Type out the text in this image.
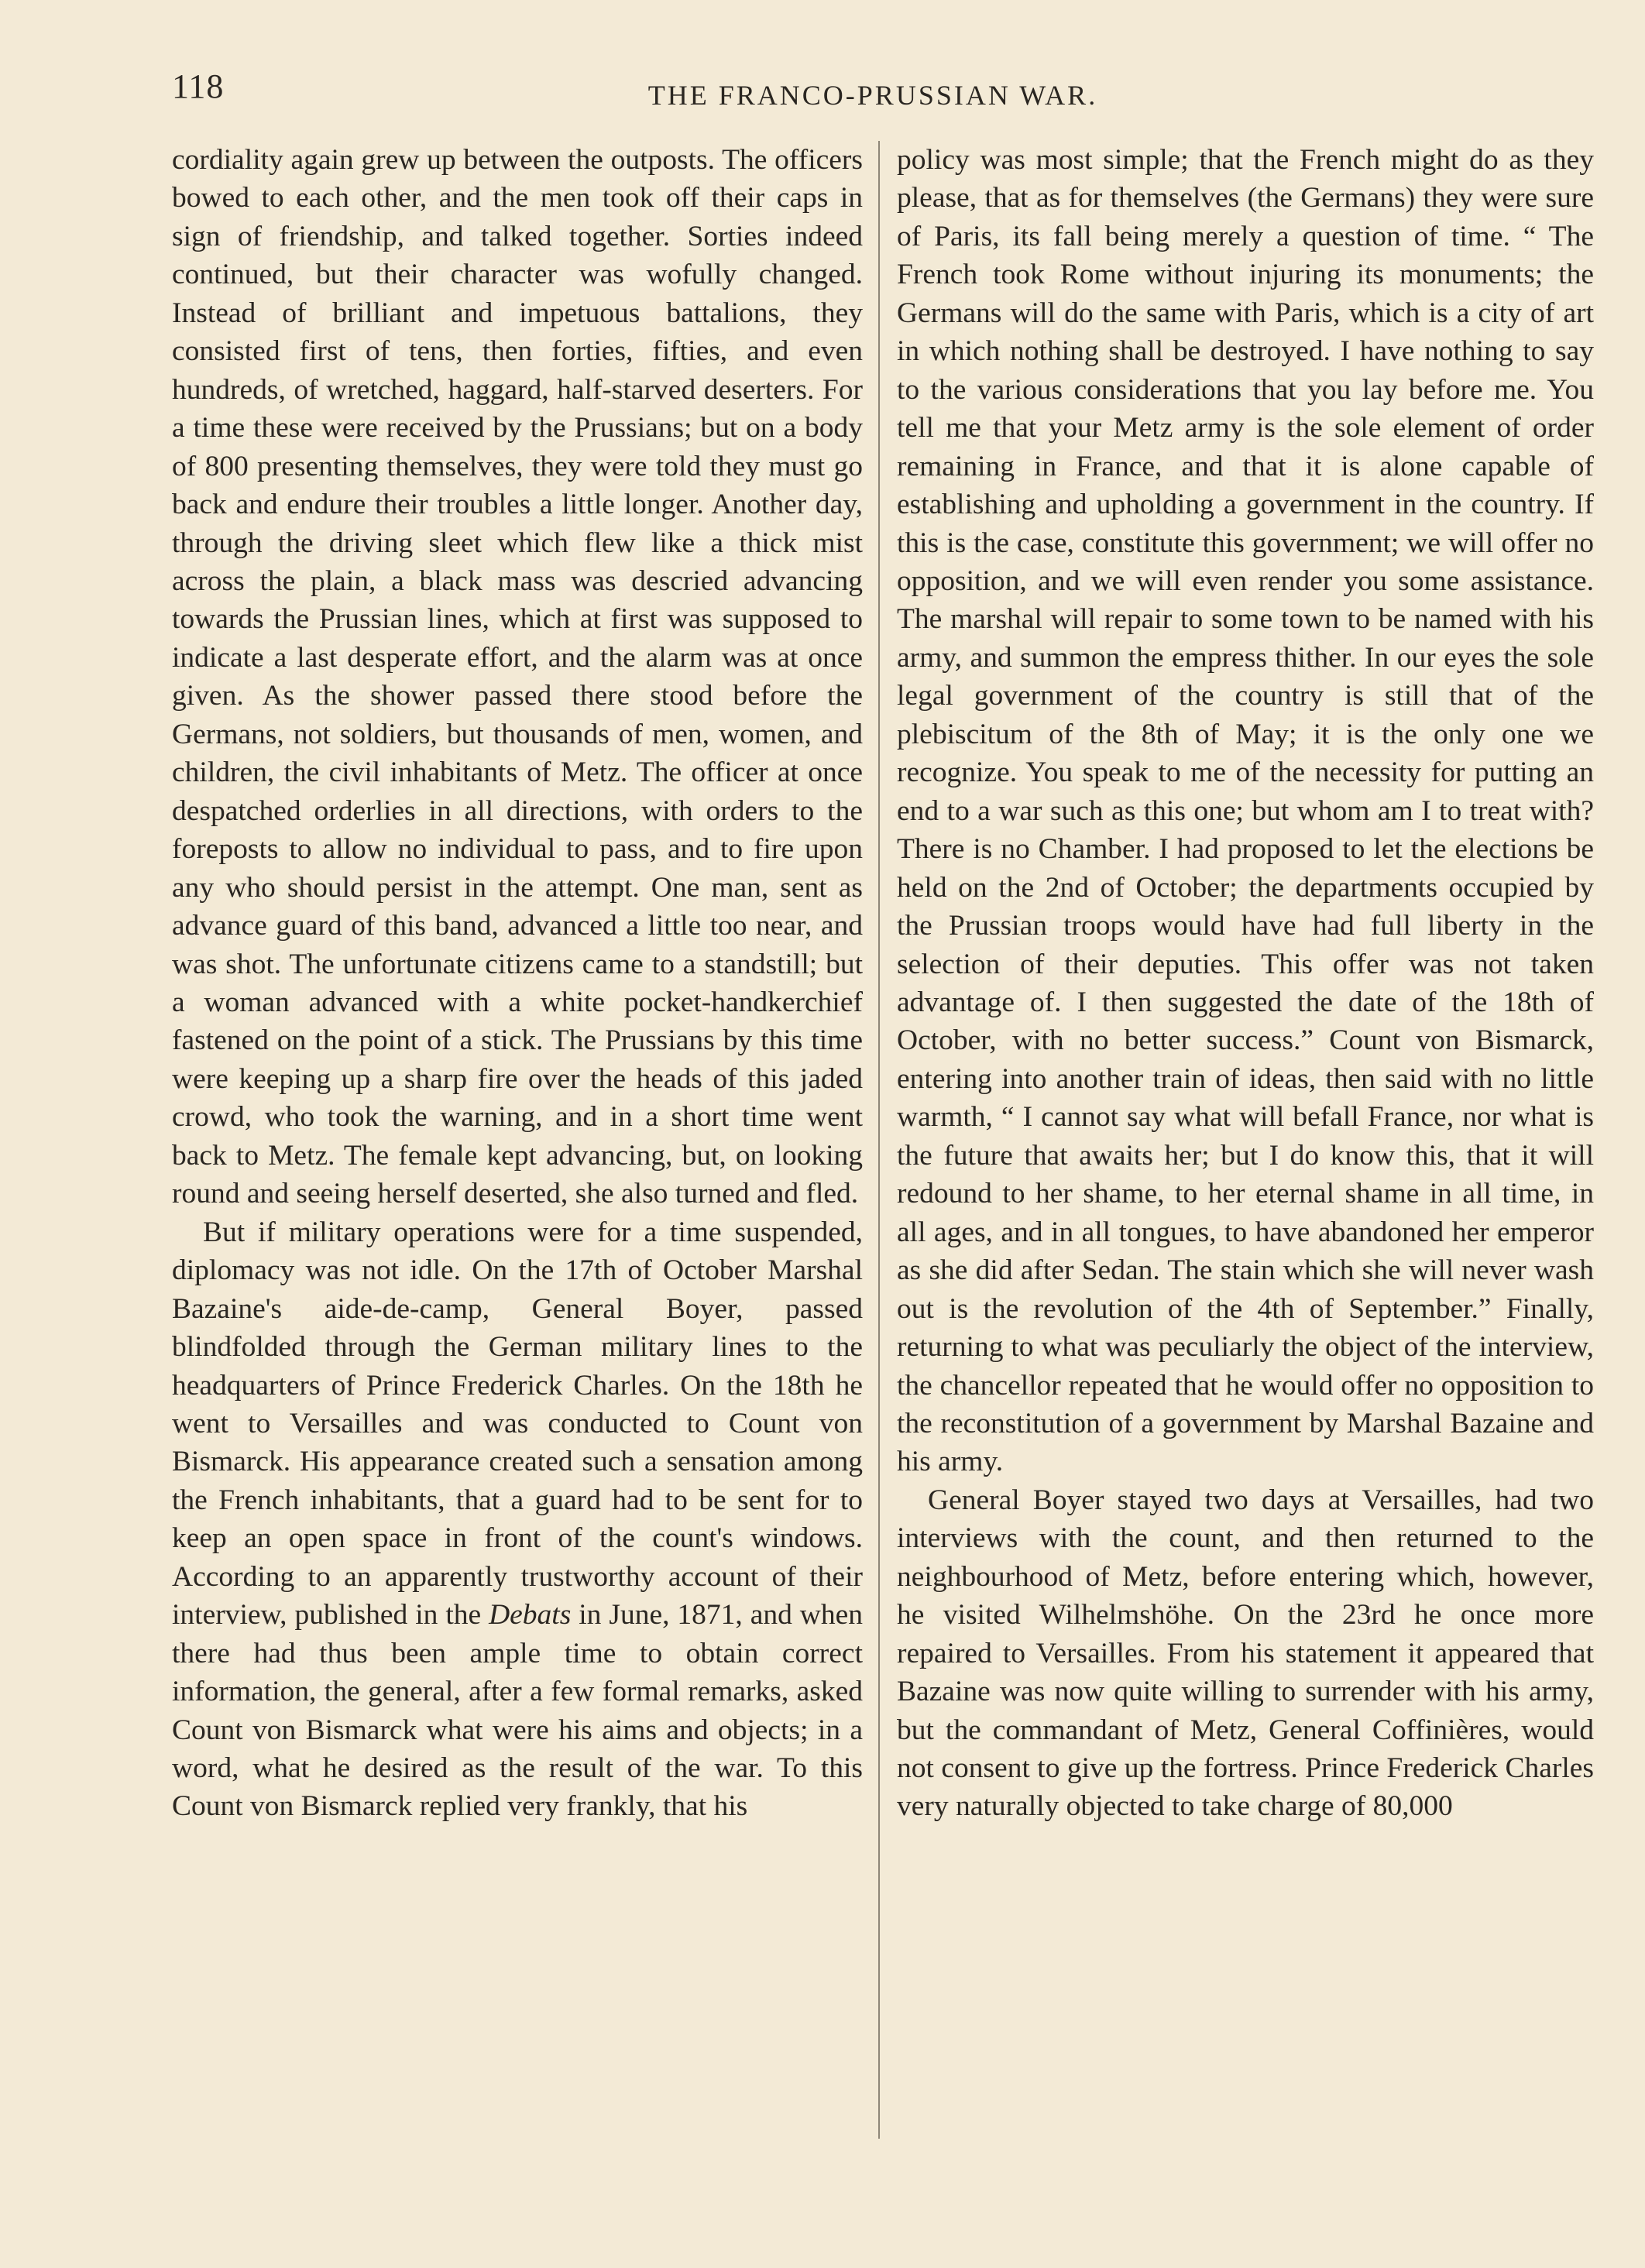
118	THE FRANCO-PRUSSIAN WAR.

cordiality again grew up between the outposts. The officers bowed to each other, and the men took off their caps in sign of friendship, and talked together. Sorties indeed continued, but their character was wofully changed. Instead of brilliant and impetuous battalions, they consisted first of tens, then forties, fifties, and even hundreds, of wretched, haggard, half-starved deserters. For a time these were received by the Prussians; but on a body of 800 presenting themselves, they were told they must go back and endure their troubles a little longer. Another day, through the driving sleet which flew like a thick mist across the plain, a black mass was descried advancing towards the Prussian lines, which at first was supposed to indicate a last desperate effort, and the alarm was at once given. As the shower passed there stood before the Germans, not soldiers, but thousands of men, women, and children, the civil inhabitants of Metz. The officer at once despatched orderlies in all directions, with orders to the foreposts to allow no individual to pass, and to fire upon any who should persist in the attempt. One man, sent as advance guard of this band, advanced a little too near, and was shot. The unfortunate citizens came to a standstill; but a woman advanced with a white pocket-handkerchief fastened on the point of a stick. The Prussians by this time were keeping up a sharp fire over the heads of this jaded crowd, who took the warning, and in a short time went back to Metz. The female kept advancing, but, on looking round and seeing herself deserted, she also turned and fled.

But if military operations were for a time suspended, diplomacy was not idle. On the 17th of October Marshal Bazaine's aide-de-camp, General Boyer, passed blindfolded through the German military lines to the headquarters of Prince Frederick Charles. On the 18th he went to Versailles and was conducted to Count von Bismarck. His appearance created such a sensation among the French inhabitants, that a guard had to be sent for to keep an open space in front of the count's windows. According to an apparently trustworthy account of their interview, published in the Debats in June, 1871, and when there had thus been ample time to obtain correct information, the general, after a few formal remarks, asked Count von Bismarck what were his aims and objects; in a word, what he desired as the result of the war. To this Count von Bismarck replied very frankly, that his

policy was most simple; that the French might do as they please, that as for themselves (the Germans) they were sure of Paris, its fall being merely a question of time. “ The French took Rome without injuring its monuments; the Germans will do the same with Paris, which is a city of art in which nothing shall be destroyed. I have nothing to say to the various considerations that you lay before me. You tell me that your Metz army is the sole element of order remaining in France, and that it is alone capable of establishing and upholding a government in the country. If this is the case, constitute this government; we will offer no opposition, and we will even render you some assistance. The marshal will repair to some town to be named with his army, and summon the empress thither. In our eyes the sole legal government of the country is still that of the plebiscitum of the 8th of May; it is the only one we recognize. You speak to me of the necessity for putting an end to a war such as this one; but whom am I to treat with? There is no Chamber. I had proposed to let the elections be held on the 2nd of October; the departments occupied by the Prussian troops would have had full liberty in the selection of their deputies. This offer was not taken advantage of. I then suggested the date of the 18th of October, with no better success.” Count von Bismarck, entering into another train of ideas, then said with no little warmth, “ I cannot say what will befall France, nor what is the future that awaits her; but I do know this, that it will redound to her shame, to her eternal shame in all time, in all ages, and in all tongues, to have abandoned her emperor as she did after Sedan. The stain which she will never wash out is the revolution of the 4th of September.” Finally, returning to what was peculiarly the object of the interview, the chancellor repeated that he would offer no opposition to the reconstitution of a government by Marshal Bazaine and his army.

General Boyer stayed two days at Versailles, had two interviews with the count, and then returned to the neighbourhood of Metz, before entering which, however, he visited Wilhelmshöhe. On the 23rd he once more repaired to Versailles. From his statement it appeared that Bazaine was now quite willing to surrender with his army, but the commandant of Metz, General Coffinières, would not consent to give up the fortress. Prince Frederick Charles very naturally objected to take charge of 80,000
